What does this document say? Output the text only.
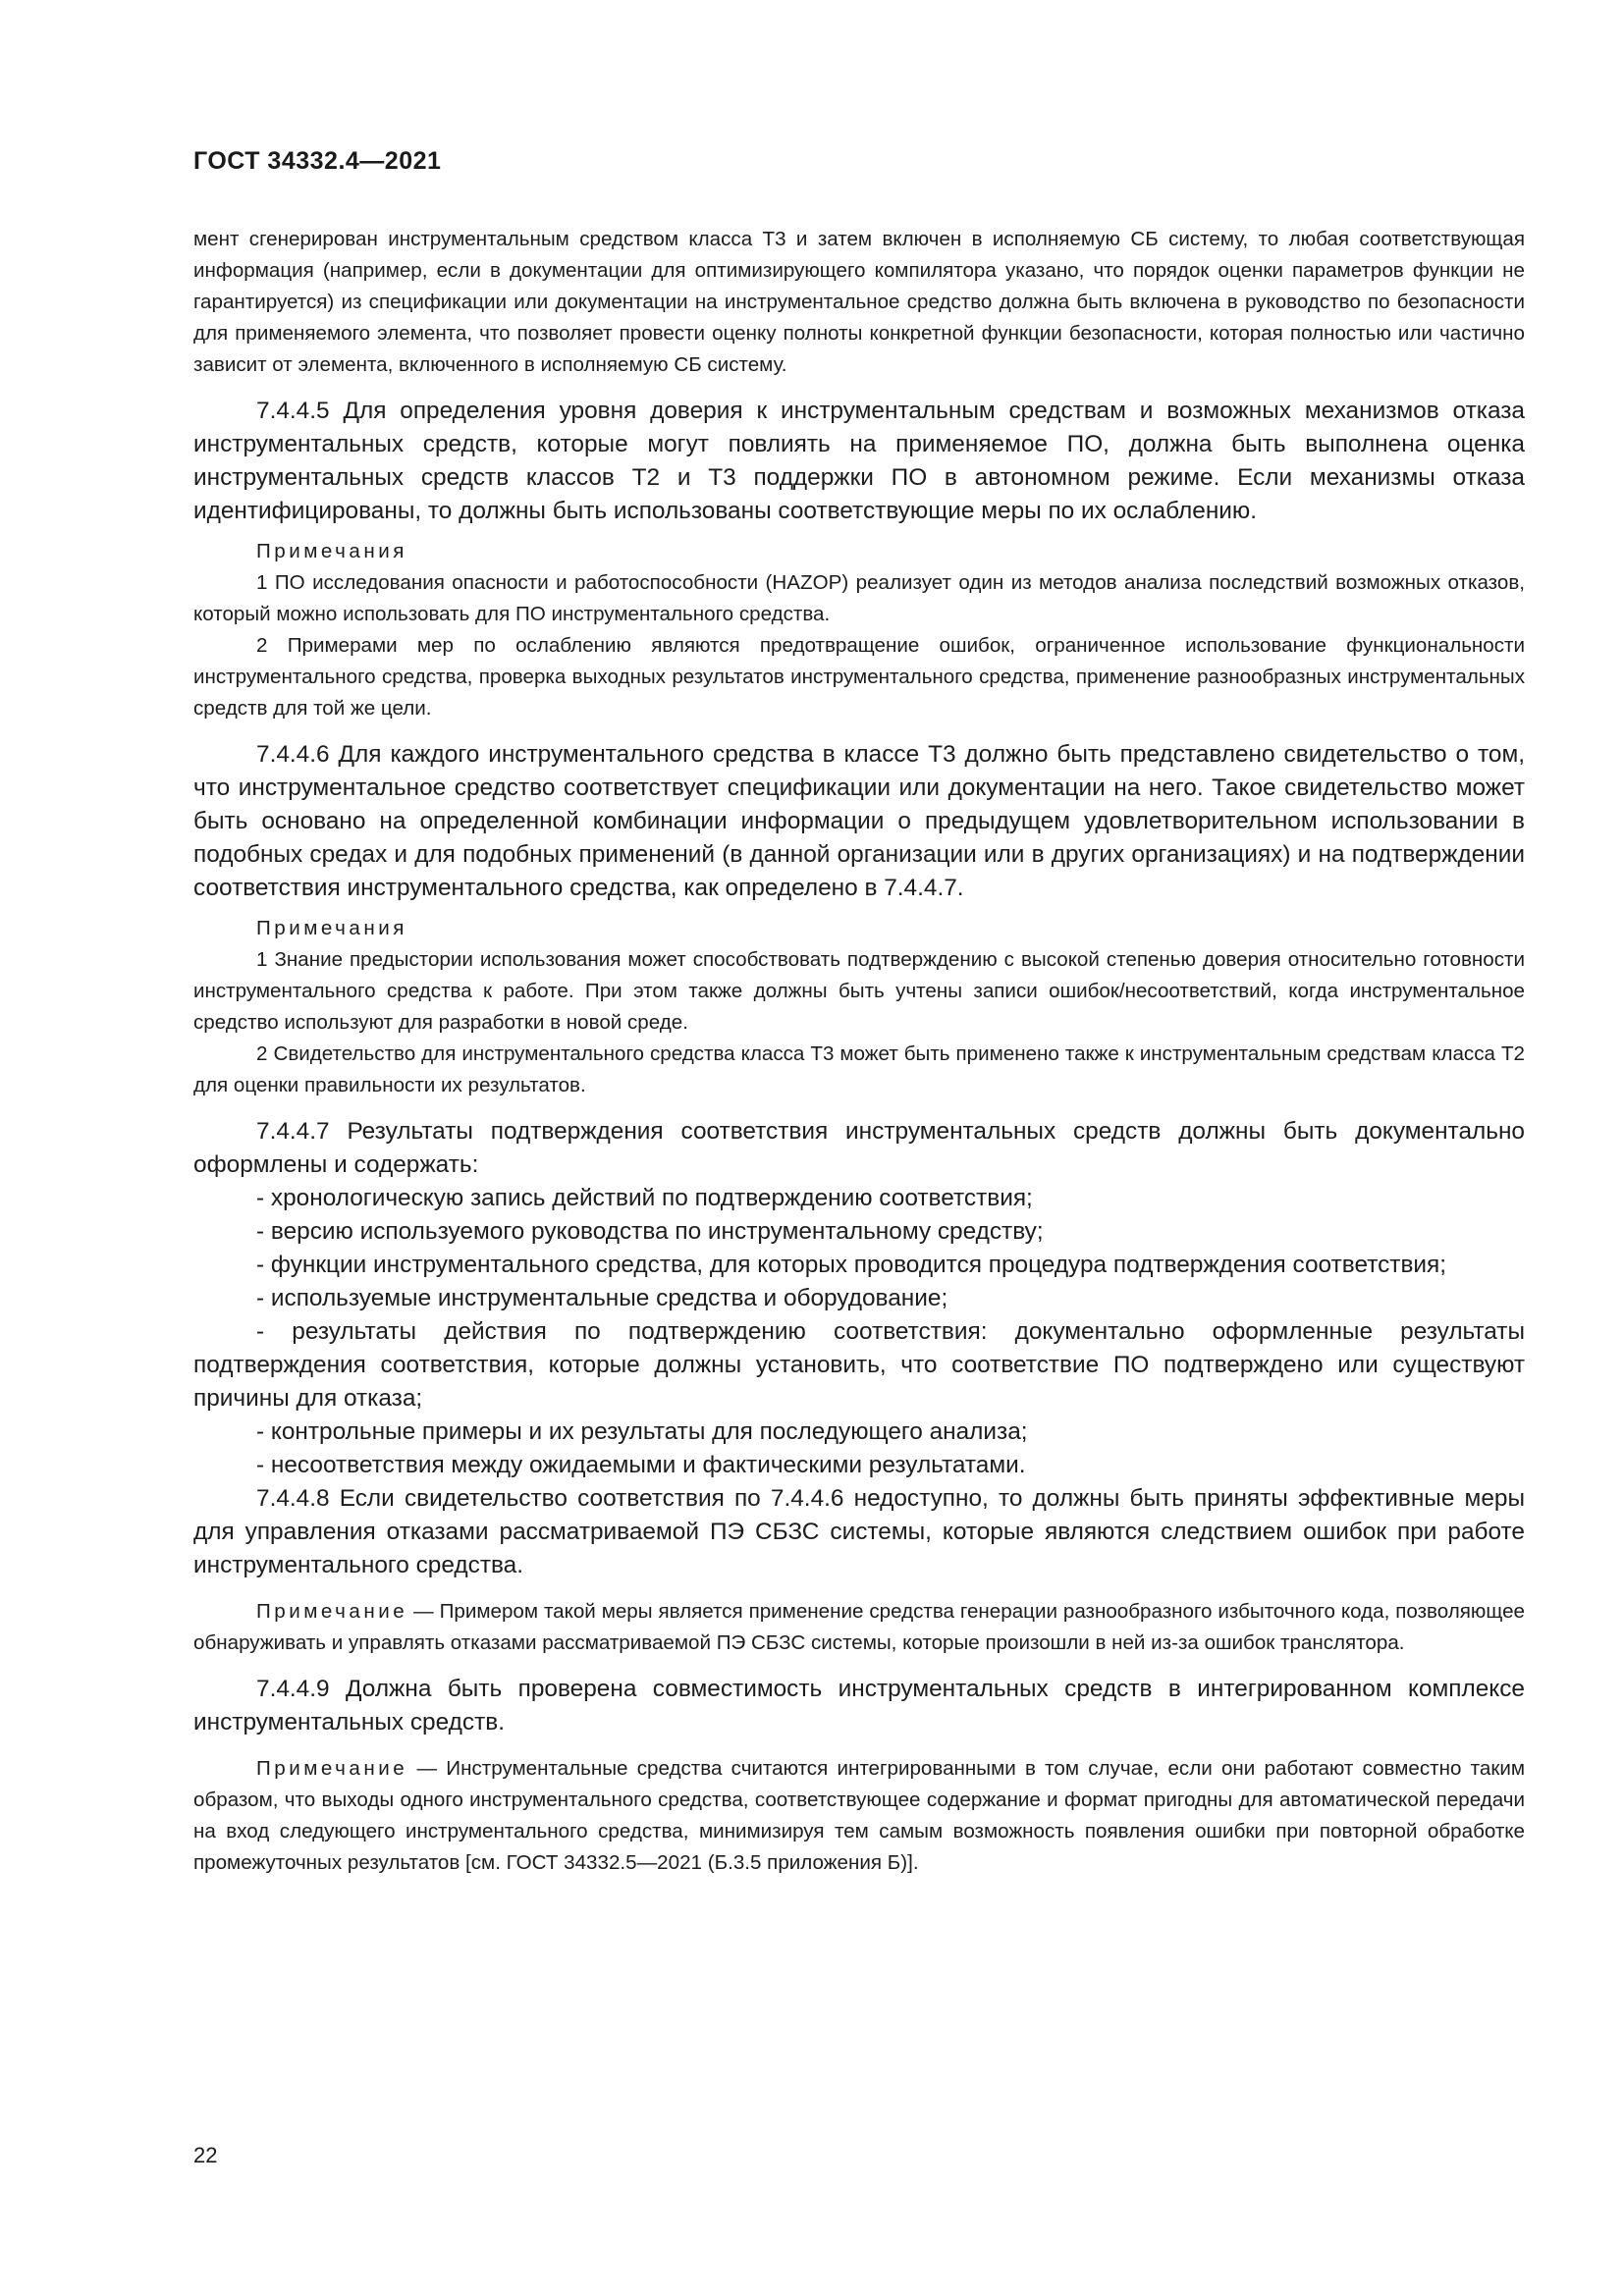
ГОСТ 34332.4—2021

мент сгенерирован инструментальным средством класса Т3 и затем включен в исполняемую СБ систему, то любая соответствующая информация (например, если в документации для оптимизирующего компилятора указано, что порядок оценки параметров функции не гарантируется) из спецификации или документации на инструментальное средство должна быть включена в руководство по безопасности для применяемого элемента, что позволяет провести оценку полноты конкретной функции безопасности, которая полностью или частично зависит от элемента, включенного в исполняемую СБ систему.

7.4.4.5 Для определения уровня доверия к инструментальным средствам и возможных механизмов отказа инструментальных средств, которые могут повлиять на применяемое ПО, должна быть выполнена оценка инструментальных средств классов Т2 и Т3 поддержки ПО в автономном режиме. Если механизмы отказа идентифицированы, то должны быть использованы соответствующие меры по их ослаблению.

Примечания

1 ПО исследования опасности и работоспособности (HAZOP) реализует один из методов анализа последствий возможных отказов, который можно использовать для ПО инструментального средства.

2 Примерами мер по ослаблению являются предотвращение ошибок, ограниченное использование функциональности инструментального средства, проверка выходных результатов инструментального средства, применение разнообразных инструментальных средств для той же цели.

7.4.4.6 Для каждого инструментального средства в классе Т3 должно быть представлено свидетельство о том, что инструментальное средство соответствует спецификации или документации на него. Такое свидетельство может быть основано на определенной комбинации информации о предыдущем удовлетворительном использовании в подобных средах и для подобных применений (в данной организации или в других организациях) и на подтверждении соответствия инструментального средства, как определено в 7.4.4.7.

Примечания

1 Знание предыстории использования может способствовать подтверждению с высокой степенью доверия относительно готовности инструментального средства к работе. При этом также должны быть учтены записи ошибок/несоответствий, когда инструментальное средство используют для разработки в новой среде.

2 Свидетельство для инструментального средства класса Т3 может быть применено также к инструментальным средствам класса Т2 для оценки правильности их результатов.

7.4.4.7 Результаты подтверждения соответствия инструментальных средств должны быть документально оформлены и содержать:

- хронологическую запись действий по подтверждению соответствия;

- версию используемого руководства по инструментальному средству;

- функции инструментального средства, для которых проводится процедура подтверждения соответствия;

- используемые инструментальные средства и оборудование;

- результаты действия по подтверждению соответствия: документально оформленные результаты подтверждения соответствия, которые должны установить, что соответствие ПО подтверждено или существуют причины для отказа;

- контрольные примеры и их результаты для последующего анализа;

- несоответствия между ожидаемыми и фактическими результатами.

7.4.4.8 Если свидетельство соответствия по 7.4.4.6 недоступно, то должны быть приняты эффективные меры для управления отказами рассматриваемой ПЭ СБЗС системы, которые являются следствием ошибок при работе инструментального средства.

Примечание — Примером такой меры является применение средства генерации разнообразного избыточного кода, позволяющее обнаруживать и управлять отказами рассматриваемой ПЭ СБЗС системы, которые произошли в ней из-за ошибок транслятора.

7.4.4.9 Должна быть проверена совместимость инструментальных средств в интегрированном комплексе инструментальных средств.

Примечание — Инструментальные средства считаются интегрированными в том случае, если они работают совместно таким образом, что выходы одного инструментального средства, соответствующее содержание и формат пригодны для автоматической передачи на вход следующего инструментального средства, минимизируя тем самым возможность появления ошибки при повторной обработке промежуточных результатов [см. ГОСТ 34332.5—2021 (Б.3.5 приложения Б)].

22
